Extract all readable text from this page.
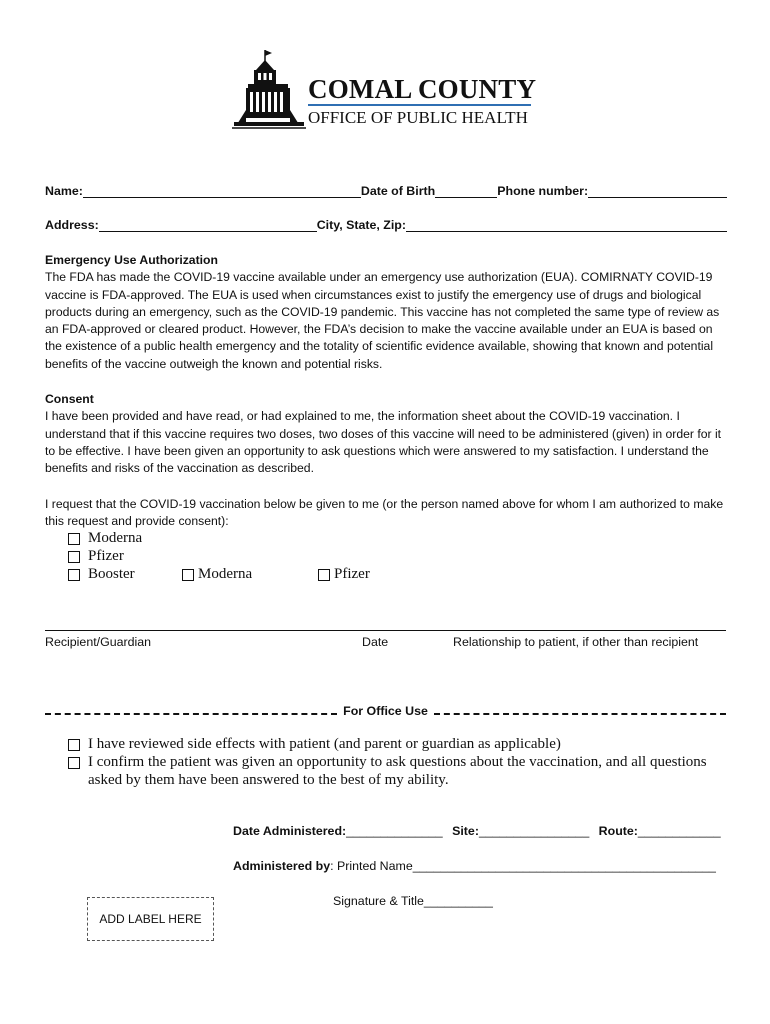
COMAL COUNTY
OFFICE OF PUBLIC HEALTH
Name:	Date of Birth	Phone number:
Address:	City, State, Zip:
Emergency Use Authorization
The FDA has made the COVID-19 vaccine available under an emergency use authorization (EUA). COMIRNATY COVID-19 vaccine is FDA-approved. The EUA is used when circumstances exist to justify the emergency use of drugs and biological products during an emergency, such as the COVID-19 pandemic. This vaccine has not completed the same type of review as an FDA-approved or cleared product. However, the FDA’s decision to make the vaccine available under an EUA is based on the existence of a public health emergency and the totality of scientific evidence available, showing that known and potential benefits of the vaccine outweigh the known and potential risks.
Consent
I have been provided and have read, or had explained to me, the information sheet about the COVID-19 vaccination. I understand that if this vaccine requires two doses, two doses of this vaccine will need to be administered (given) in order for it to be effective. I have been given an opportunity to ask questions which were answered to my satisfaction. I understand the benefits and risks of the vaccination as described.
I request that the COVID-19 vaccination below be given to me (or the person named above for whom I am authorized to make this request and provide consent):
Moderna
Pfizer
Booster	Moderna	Pfizer
Recipient/Guardian	Date	Relationship to patient, if other than recipient
For Office Use
I have reviewed side effects with patient (and parent or guardian as applicable)
I confirm the patient was given an opportunity to ask questions about the vaccination, and all questions asked by them have been answered to the best of my ability.
Date Administered:______________ Site:________________ Route:____________
Administered by: Printed Name____________________________________________
Signature & Title__________
ADD LABEL HERE
